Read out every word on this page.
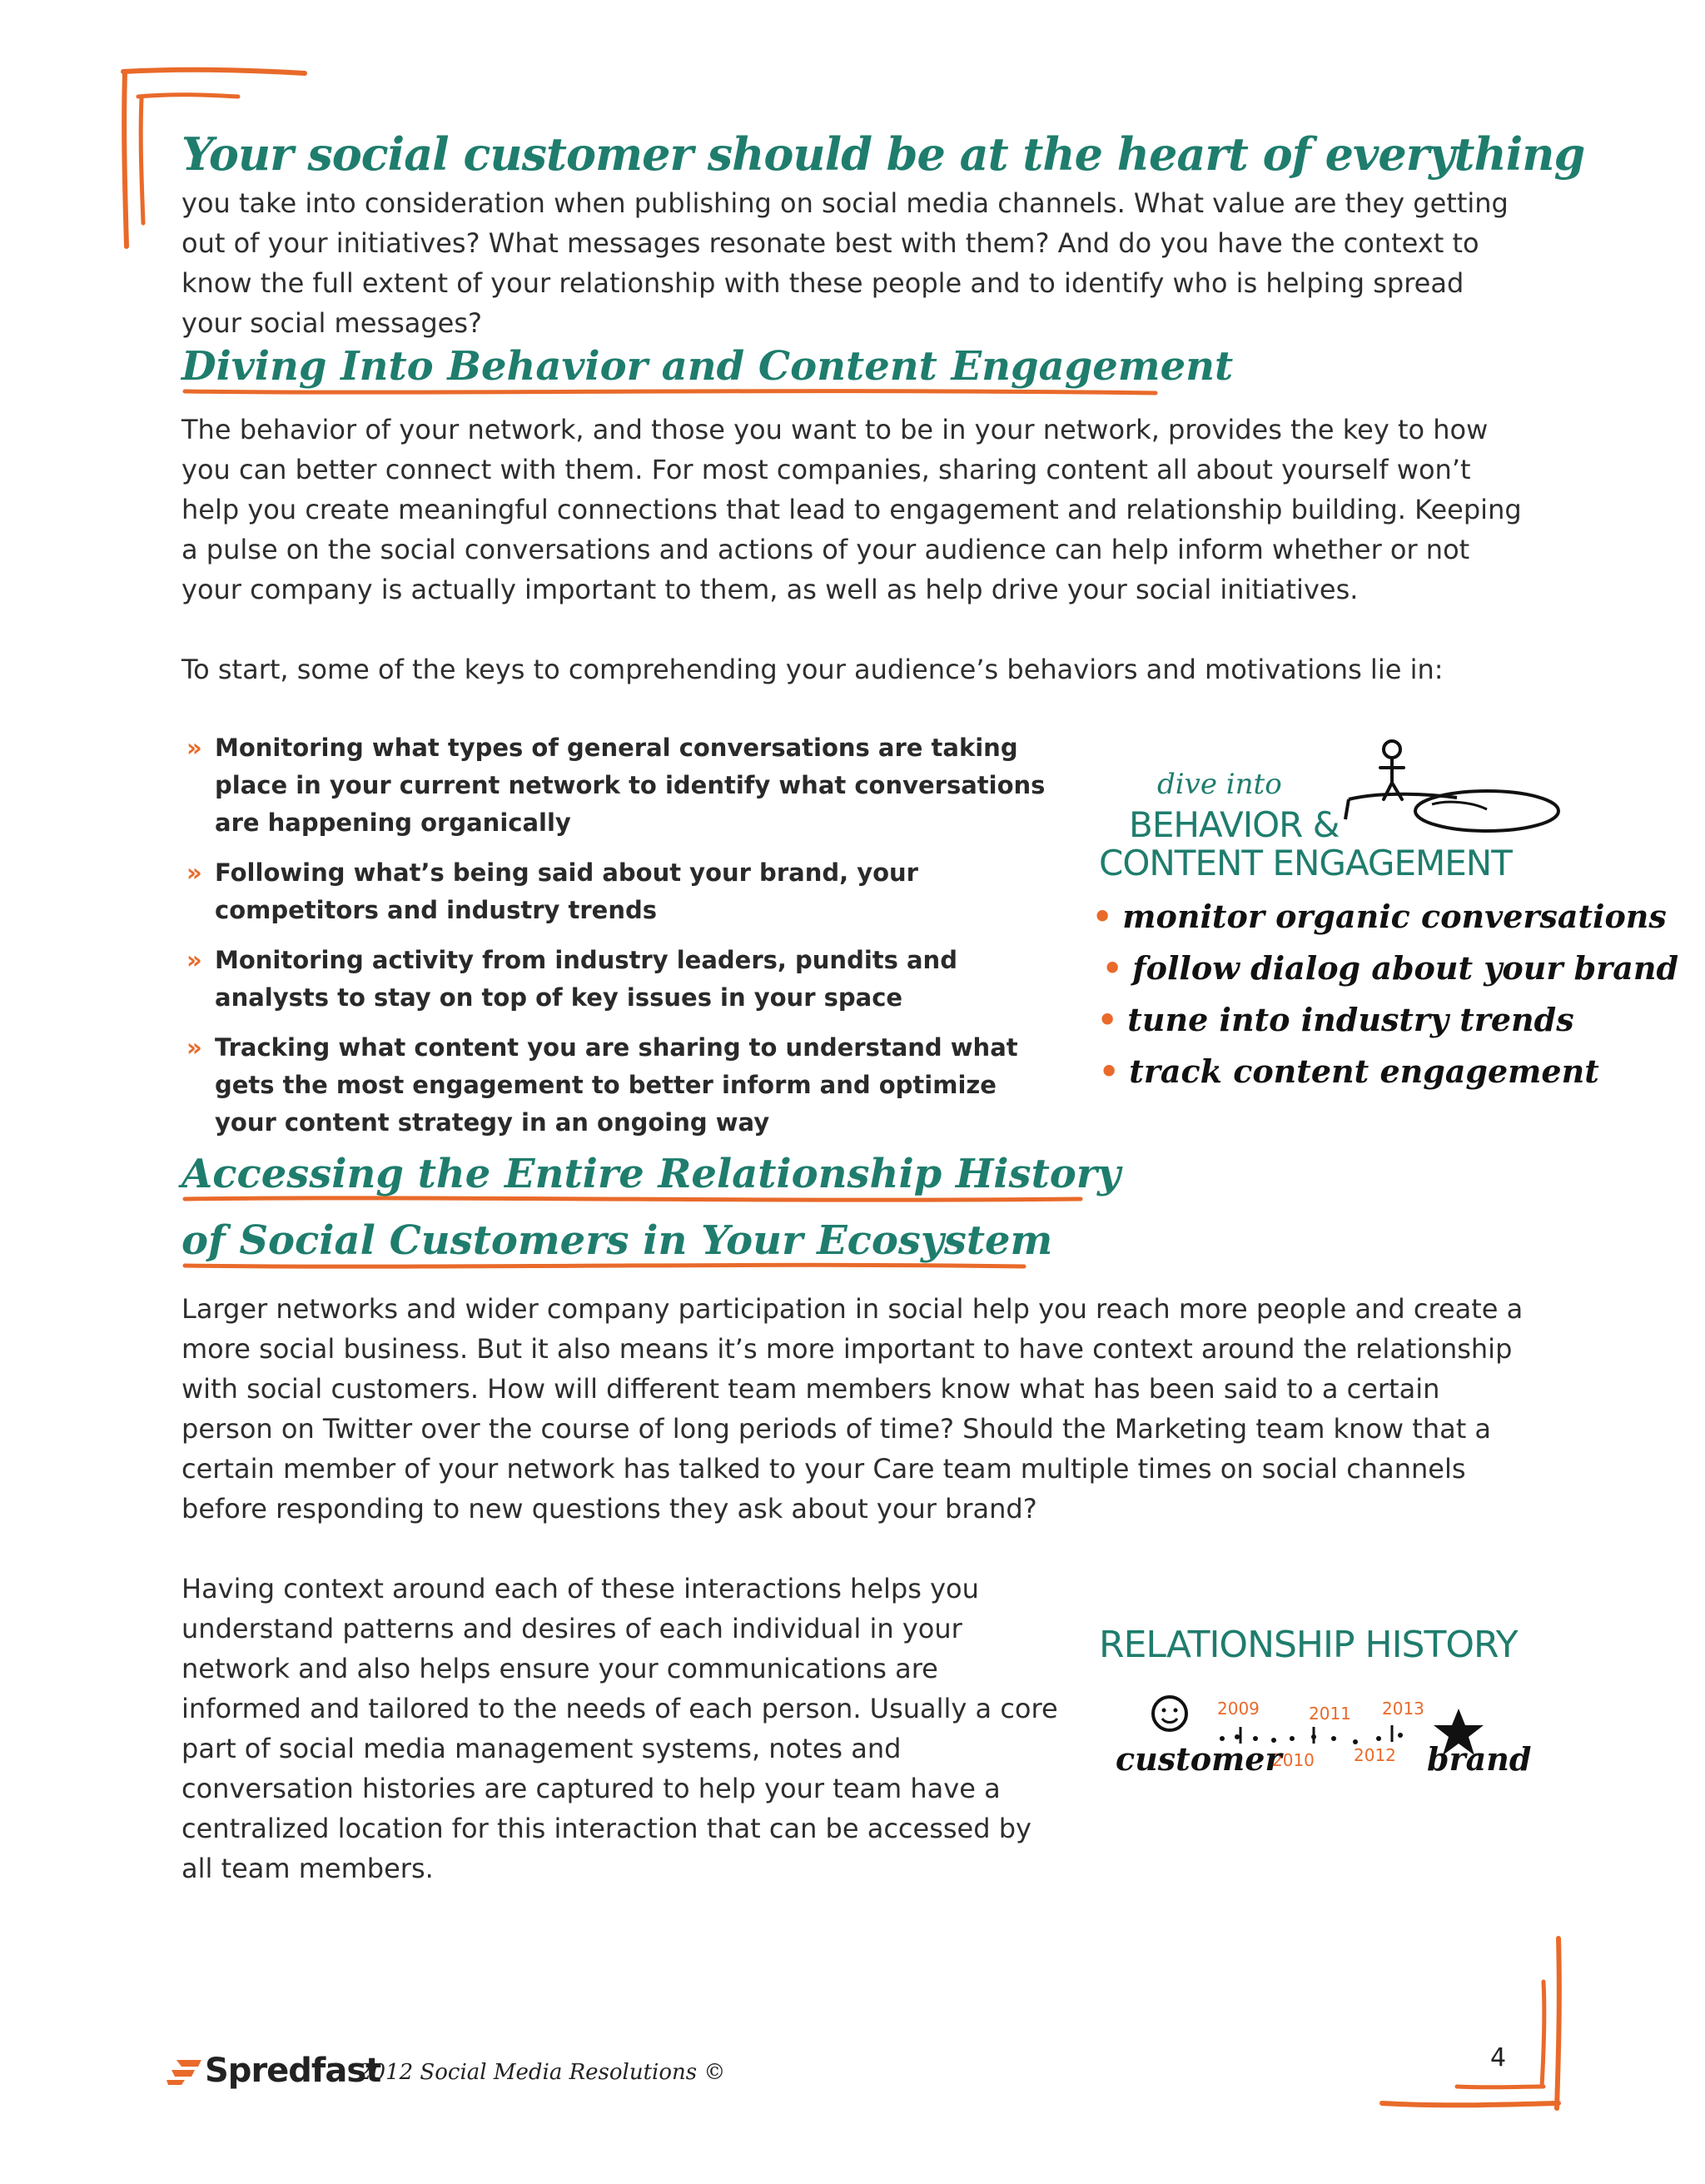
Your social customer should be at the heart of everything

you take into consideration when publishing on social media channels. What value are they getting out of your initiatives? What messages resonate best with them? And do you have the context to know the full extent of your relationship with these people and to identify who is helping spread your social messages?

Diving Into Behavior and Content Engagement

The behavior of your network, and those you want to be in your network, provides the key to how you can better connect with them. For most companies, sharing content all about yourself won’t help you create meaningful connections that lead to engagement and relationship building. Keeping a pulse on the social conversations and actions of your audience can help inform whether or not your company is actually important to them, as well as help drive your social initiatives.

To start, some of the keys to comprehending your audience’s behaviors and motivations lie in:

» Monitoring what types of general conversations are taking place in your current network to identify what conversations are happening organically
» Following what’s being said about your brand, your competitors and industry trends
» Monitoring activity from industry leaders, pundits and analysts to stay on top of key issues in your space
» Tracking what content you are sharing to understand what gets the most engagement to better inform and optimize your content strategy in an ongoing way
dive into
BEHAVIOR &
CONTENT ENGAGEMENT
• monitor organic conversations
• follow dialog about your brand
• tune into industry trends
• track content engagement
Accessing the Entire Relationship History
of Social Customers in Your Ecosystem

Larger networks and wider company participation in social help you reach more people and create a more social business. But it also means it’s more important to have context around the relationship with social customers. How will different team members know what has been said to a certain person on Twitter over the course of long periods of time? Should the Marketing team know that a certain member of your network has talked to your Care team multiple times on social channels before responding to new questions they ask about your brand?

Having context around each of these interactions helps you understand patterns and desires of each individual in your network and also helps ensure your communications are informed and tailored to the needs of each person. Usually a core part of social media management systems, notes and conversation histories are captured to help your team have a centralized location for this interaction that can be accessed by all team members.

RELATIONSHIP HISTORY
2009
2010
2011
2012
2013
customer	brand
Spredfast
2012 Social Media Resolutions ©	4
